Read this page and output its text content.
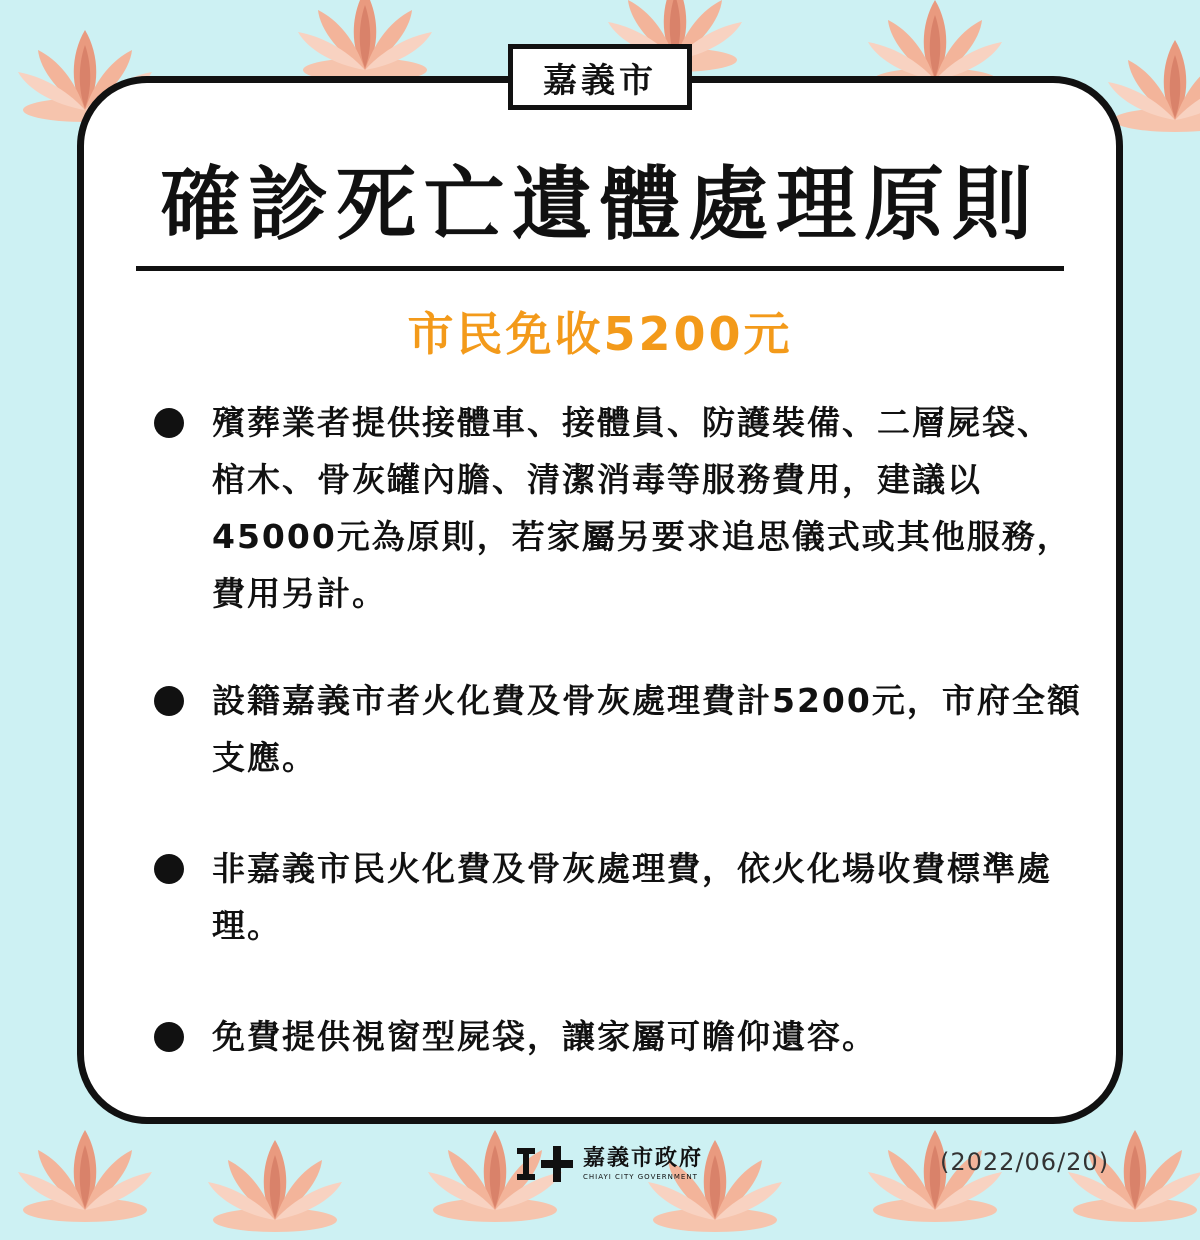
嘉義市
確診死亡遺體處理原則
市民免收5200元

殯葬業者提供接體車、接體員、防護裝備、二層屍袋、棺木、骨灰罐內膽、清潔消毒等服務費用，建議以45000元為原則，若家屬另要求追思儀式或其他服務，費用另計。

設籍嘉義市者火化費及骨灰處理費計5200元，市府全額支應。

非嘉義市民火化費及骨灰處理費，依火化場收費標準處理。

免費提供視窗型屍袋，讓家屬可瞻仰遺容。

嘉義市政府
CHIAYI CITY GOVERNMENT
(2022/06/20)
